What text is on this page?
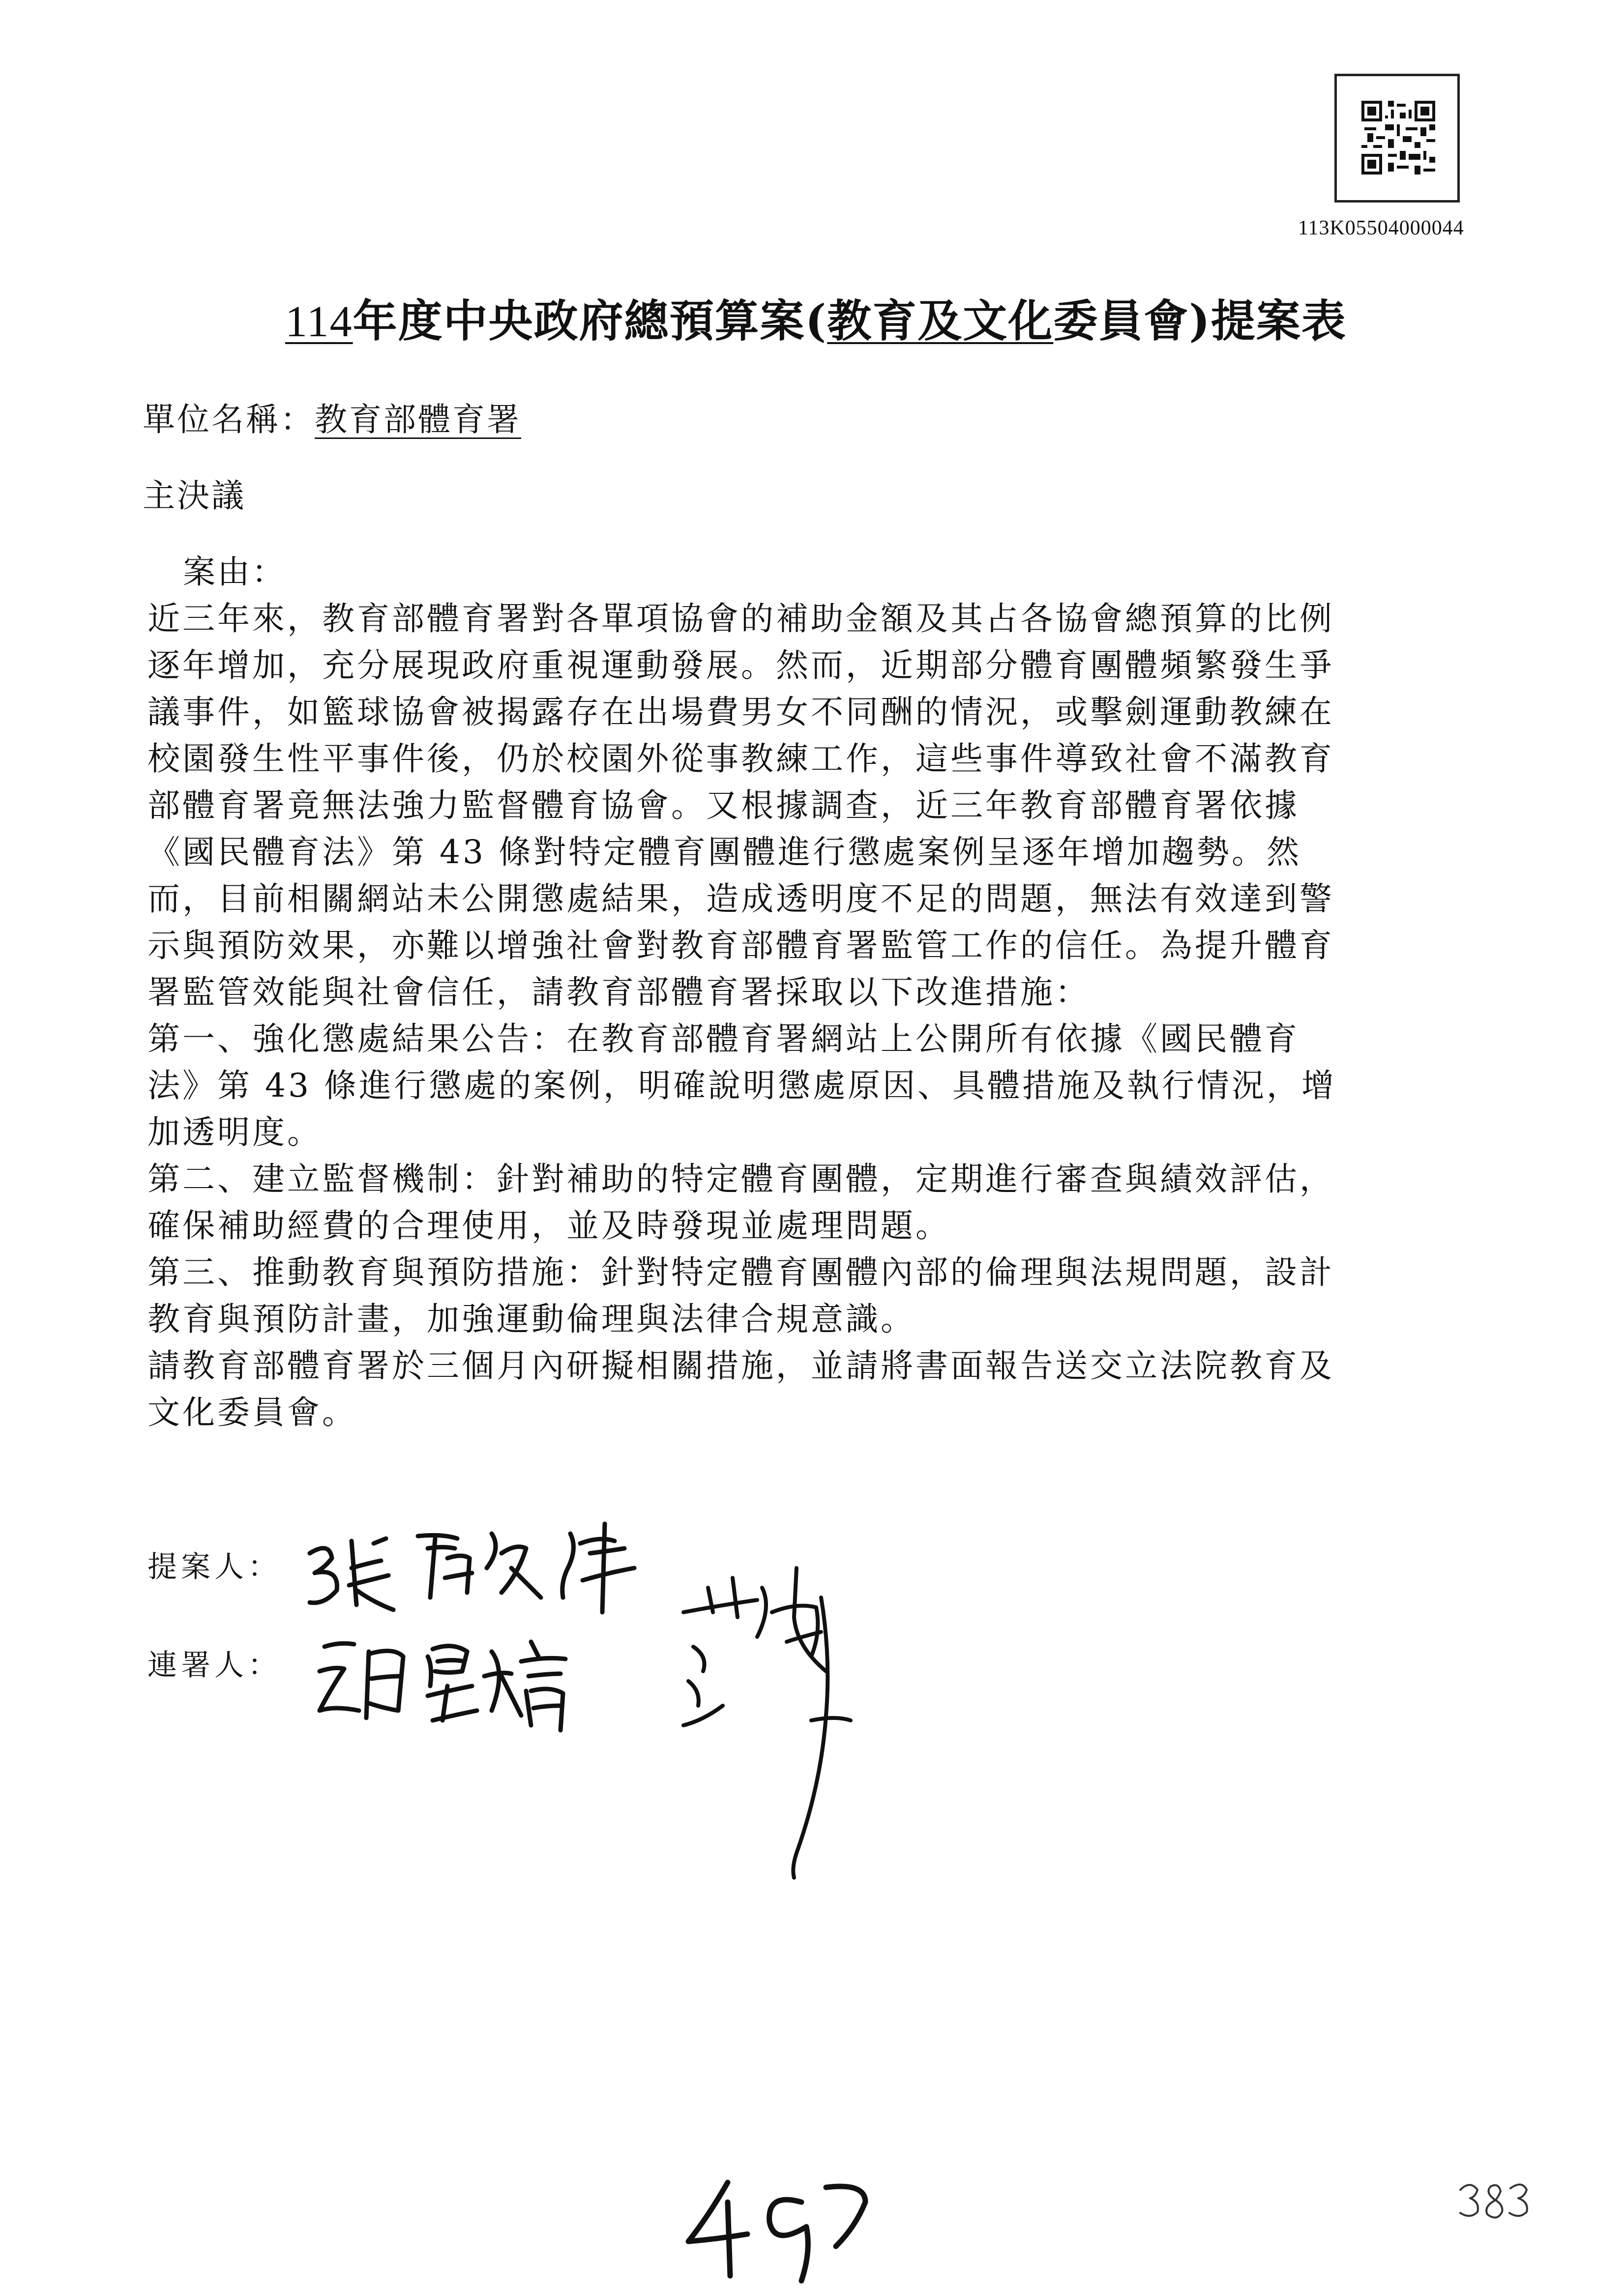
113K05504000044
114年度中央政府總預算案(教育及文化委員會)提案表
單位名稱：教育部體育署
主決議
案由：
近三年來，教育部體育署對各單項協會的補助金額及其占各協會總預算的比例
逐年增加，充分展現政府重視運動發展。然而，近期部分體育團體頻繁發生爭
議事件，如籃球協會被揭露存在出場費男女不同酬的情況，或擊劍運動教練在
校園發生性平事件後，仍於校園外從事教練工作，這些事件導致社會不滿教育
部體育署竟無法強力監督體育協會。又根據調查，近三年教育部體育署依據
《國民體育法》第 43 條對特定體育團體進行懲處案例呈逐年增加趨勢。然
而，目前相關網站未公開懲處結果，造成透明度不足的問題，無法有效達到警
示與預防效果，亦難以增強社會對教育部體育署監管工作的信任。為提升體育
署監管效能與社會信任，請教育部體育署採取以下改進措施：
第一、強化懲處結果公告：在教育部體育署網站上公開所有依據《國民體育
法》第 43 條進行懲處的案例，明確說明懲處原因、具體措施及執行情況，增
加透明度。
第二、建立監督機制：針對補助的特定體育團體，定期進行審查與績效評估，
確保補助經費的合理使用，並及時發現並處理問題。
第三、推動教育與預防措施：針對特定體育團體內部的倫理與法規問題，設計
教育與預防計畫，加強運動倫理與法律合規意識。
請教育部體育署於三個月內研擬相關措施，並請將書面報告送交立法院教育及
文化委員會。
提案人：
連署人：
